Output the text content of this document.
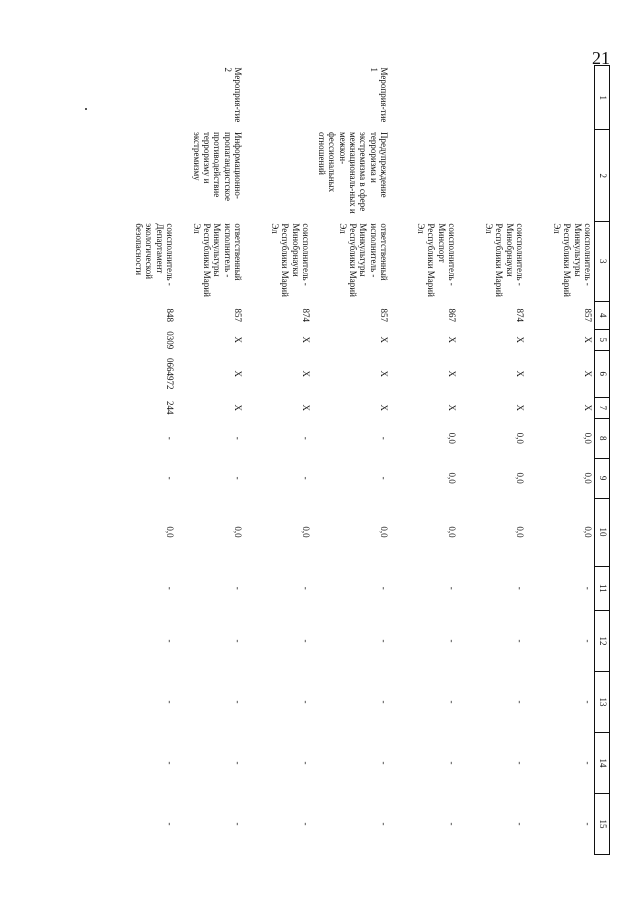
21
1	2	3	4	5	6	7	8	9	10	11	12	13	14	15
		соисполнитель - Минкультуры Республики Марий Эл	857	X	X	X	0,0	0,0	0,0	-	-	-	-	-
		соисполнитель - Минобрнауки Республики Марий Эл	874	X	X	X	0,0	0,0	0,0	-	-	-	-	-
		соисполнитель - Минспорт Республики Марий Эл	867	X	X	X	0,0	0,0	0,0	-	-	-	-	-
Мероприя-тие 1	Предупреждение терроризма и экстремизма в сфере межнациональ-ных и межкон-фессиональных отношений	ответственный исполнитель - Минкультуры Республики Марий Эл	857	X	X	X	-	-	0,0	-	-	-	-	-
		соисполнитель - Минобрнауки Республики Марий Эл	874	X	X	X	-	-	0,0	-	-	-	-	-
Мероприя-тие 2	Информационно-пропагандистское противодействие терроризму и экстремизму	ответственный исполнитель - Минкультуры Республики Марий Эл	857	X	X	X	-	-	0,0	-	-	-	-	-
		соисполнитель - Департамент экологической безопасности	848	0309	0664972	244	-	-	0,0	-	-	-	-	-
